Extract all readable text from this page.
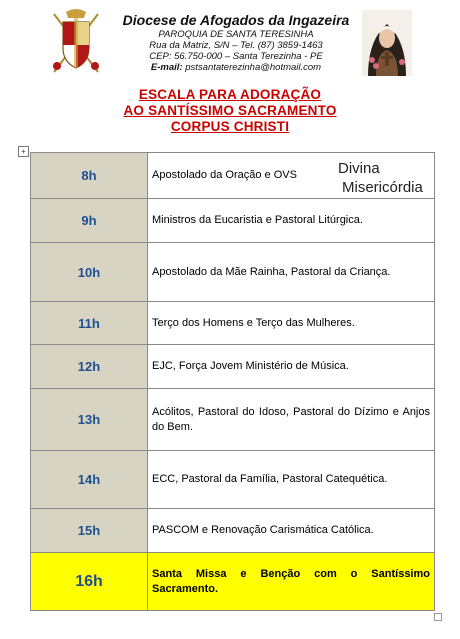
Diocese de Afogados da Ingazeira
PAROQUIA DE SANTA TERESINHA
Rua da Matriz, S/N – Tel. (87) 3859-1463
CEP: 56.750-000 – Santa Terezinha - PE
E-mail: pstsantaterezinha@hotmail.com
ESCALA PARA ADORAÇÃO
AO SANTÍSSIMO SACRAMENTO
CORPUS CHRISTI
+
8h	Apostolado da Oração e OVS
9h	Ministros da Eucaristia e Pastoral Litúrgica.
10h	Apostolado da Mãe Rainha, Pastoral da Criança.
11h	Terço dos Homens e Terço das Mulheres.
12h	EJC, Força Jovem Ministério de Música.
13h	Acólitos, Pastoral do Idoso, Pastoral do Dízimo e Anjos do Bem.
14h	ECC, Pastoral da Família, Pastoral Catequética.
15h	PASCOM e Renovação Carismática Católica.
16h	Santa Missa e Benção com o Santíssimo Sacramento.
Divina
Misericórdia
